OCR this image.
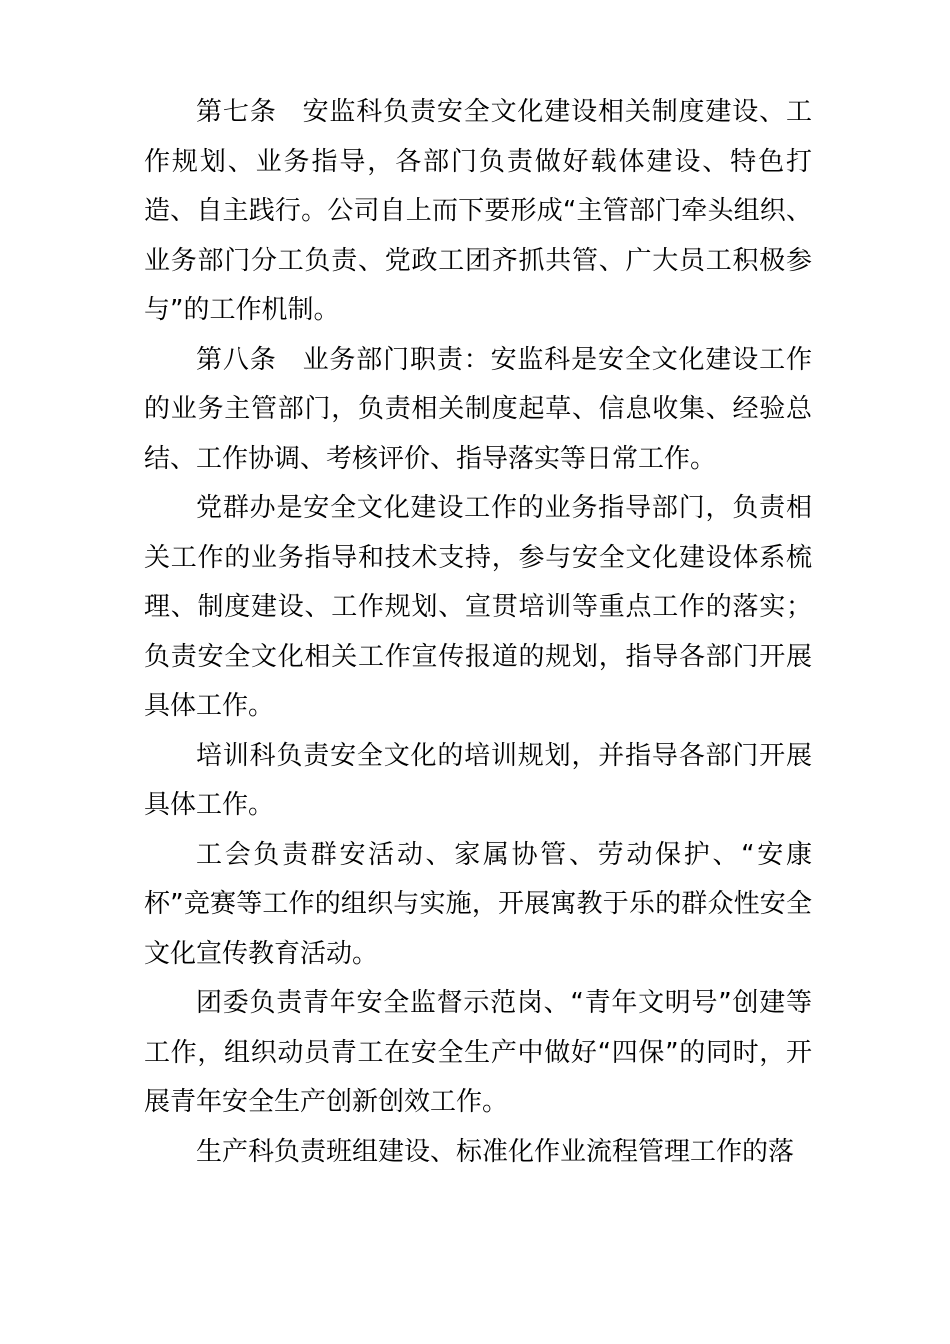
第七条 安监科负责安全文化建设相关制度建设、工作规划、业务指导，各部门负责做好载体建设、特色打造、自主践行。公司自上而下要形成“主管部门牵头组织、业务部门分工负责、党政工团齐抓共管、广大员工积极参与”的工作机制。

第八条 业务部门职责：安监科是安全文化建设工作的业务主管部门，负责相关制度起草、信息收集、经验总结、工作协调、考核评价、指导落实等日常工作。

党群办是安全文化建设工作的业务指导部门，负责相关工作的业务指导和技术支持，参与安全文化建设体系梳理、制度建设、工作规划、宣贯培训等重点工作的落实；负责安全文化相关工作宣传报道的规划，指导各部门开展具体工作。

培训科负责安全文化的培训规划，并指导各部门开展具体工作。

工会负责群安活动、家属协管、劳动保护、“安康杯”竞赛等工作的组织与实施，开展寓教于乐的群众性安全文化宣传教育活动。

团委负责青年安全监督示范岗、“青年文明号”创建等工作，组织动员青工在安全生产中做好“四保”的同时，开展青年安全生产创新创效工作。

生产科负责班组建设、标准化作业流程管理工作的落
